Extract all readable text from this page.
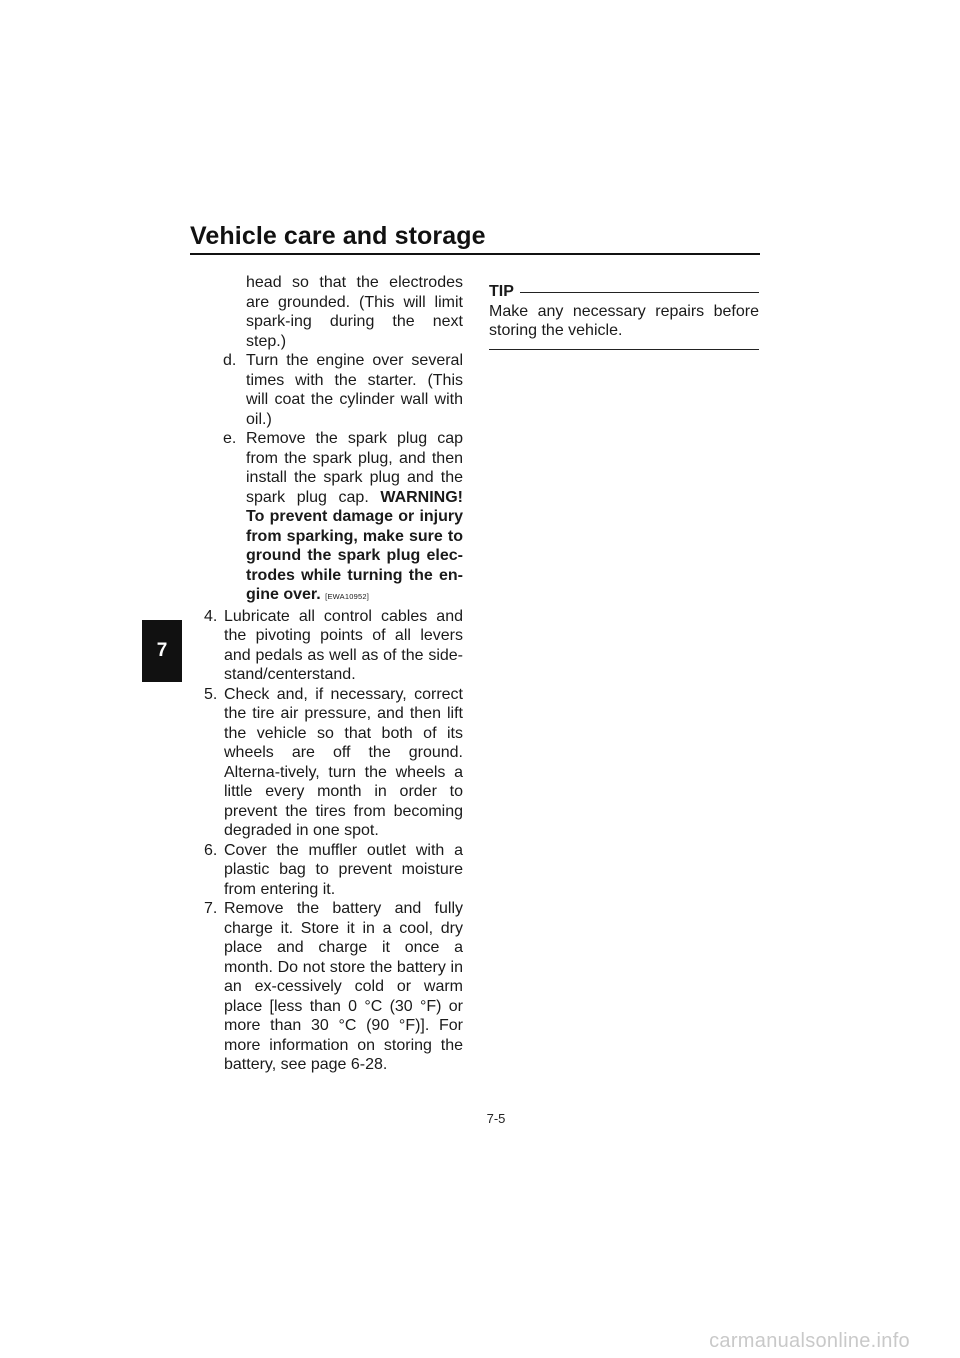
Vehicle care and storage
7
head so that the electrodes are grounded. (This will limit spark-ing during the next step.)
d. Turn the engine over several times with the starter. (This will coat the cylinder wall with oil.)
e. Remove the spark plug cap from the spark plug, and then install the spark plug and the spark plug cap. WARNING! To prevent damage or injury from sparking, make sure to ground the spark plug elec-trodes while turning the en-gine over. [EWA10952]
4. Lubricate all control cables and the pivoting points of all levers and pedals as well as of the side-stand/centerstand.
5. Check and, if necessary, correct the tire air pressure, and then lift the vehicle so that both of its wheels are off the ground. Alterna-tively, turn the wheels a little every month in order to prevent the tires from becoming degraded in one spot.
6. Cover the muffler outlet with a plastic bag to prevent moisture from entering it.
7. Remove the battery and fully charge it. Store it in a cool, dry place and charge it once a month. Do not store the battery in an ex-cessively cold or warm place [less than 0 °C (30 °F) or more than 30 °C (90 °F)]. For more information on storing the battery, see page 6-28.
TIP
Make any necessary repairs before storing the vehicle.
7-5
carmanualsonline.info
